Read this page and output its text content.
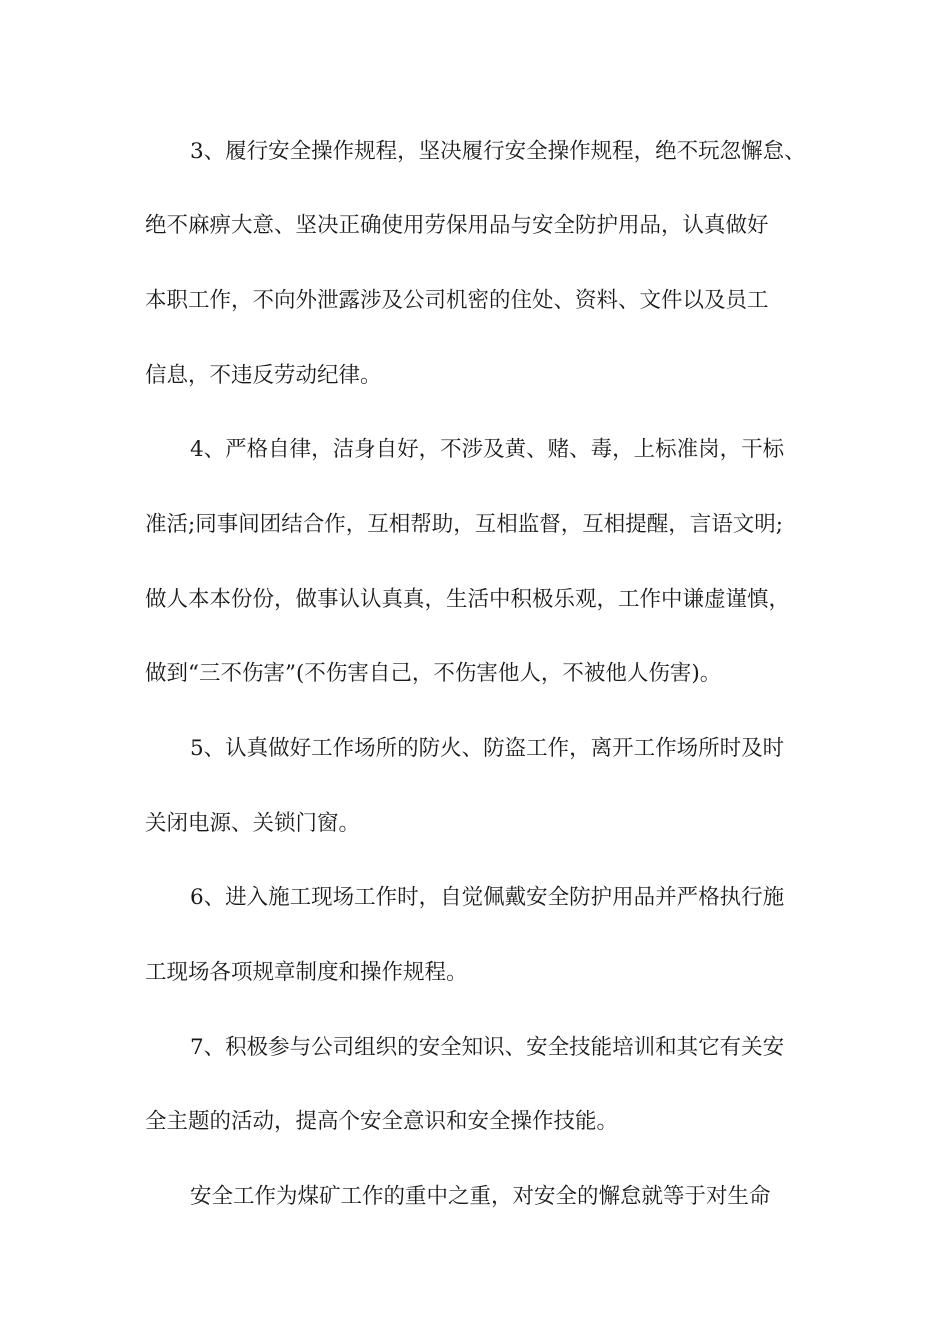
3、履行安全操作规程，坚决履行安全操作规程，绝不玩忽懈怠、
绝不麻痹大意、坚决正确使用劳保用品与安全防护用品，认真做好
本职工作，不向外泄露涉及公司机密的住处、资料、文件以及员工
信息，不违反劳动纪律。
4、严格自律，洁身自好，不涉及黄、赌、毒，上标准岗，干标
准活;同事间团结合作，互相帮助，互相监督，互相提醒，言语文明;
做人本本份份，做事认认真真，生活中积极乐观，工作中谦虚谨慎，
做到“三不伤害”(不伤害自己，不伤害他人，不被他人伤害)。
5、认真做好工作场所的防火、防盗工作，离开工作场所时及时
关闭电源、关锁门窗。
6、进入施工现场工作时，自觉佩戴安全防护用品并严格执行施
工现场各项规章制度和操作规程。
7、积极参与公司组织的安全知识、安全技能培训和其它有关安
全主题的活动，提高个安全意识和安全操作技能。
安全工作为煤矿工作的重中之重，对安全的懈怠就等于对生命
